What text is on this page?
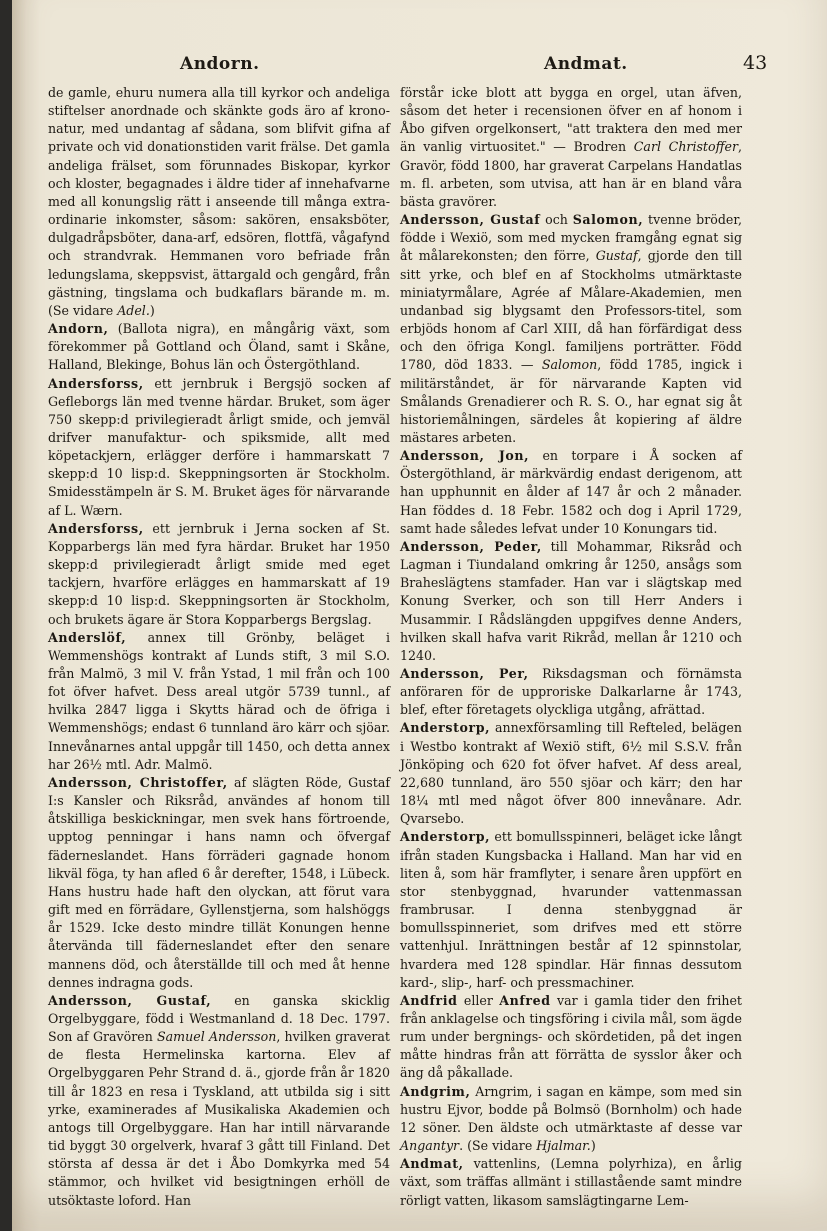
Andorn.	Andmat.	43

de gamle, ehuru numera alla till kyrkor och andeliga stiftelser anordnade och skänkte gods äro af krono-natur, med undantag af sådana, som blifvit gifna af private och vid donationstiden varit frälse. Det gamla andeliga frälset, som förunnades Biskopar, kyrkor och kloster, begagnades i äldre tider af innehafvarne med all konungslig rätt i anseende till många extra-ordinarie inkomster, såsom: sakören, ensaksböter, dulgadråpsböter, dana-arf, edsören, flottfä, vågafynd och strandvrak. Hemmanen voro befriade från ledungslama, skeppsvist, ättargald och gengård, från gästning, tingslama och budkaflars bärande m. m. (Se vidare Adel.)

Andorn, (Ballota nigra), en mångårig växt, som förekommer på Gottland och Öland, samt i Skåne, Halland, Blekinge, Bohus län och Östergöthland.

Andersforss, ett jernbruk i Bergsjö socken af Gefleborgs län med tvenne härdar. Bruket, som äger 750 skepp:d privilegieradt årligt smide, och jemväl drifver manufaktur- och spiksmide, allt med köpetackjern, erlägger derföre i hammarskatt 7 skepp:d 10 lisp:d. Skeppningsorten är Stockholm. Smidesstämpeln är S. M. Bruket äges för närvarande af L. Wærn.

Andersforss, ett jernbruk i Jerna socken af St. Kopparbergs län med fyra härdar. Bruket har 1950 skepp:d privilegieradt årligt smide med eget tackjern, hvarföre erlägges en hammarskatt af 19 skepp:d 10 lisp:d. Skeppningsorten är Stockholm, och brukets ägare är Stora Kopparbergs Bergslag.

Anderslöf, annex till Grönby, beläget i Wemmenshögs kontrakt af Lunds stift, 3 mil S.O. från Malmö, 3 mil V. från Ystad, 1 mil från och 100 fot öfver hafvet. Dess areal utgör 5739 tunnl., af hvilka 2847 ligga i Skytts härad och de öfriga i Wemmenshögs; endast 6 tunnland äro kärr och sjöar. Innevånarnes antal uppgår till 1450, och detta annex har 26½ mtl. Adr. Malmö.

Andersson, Christoffer, af slägten Röde, Gustaf I:s Kansler och Riksråd, användes af honom till åtskilliga beskickningar, men svek hans förtroende, upptog penningar i hans namn och öfvergaf fäderneslandet. Hans förräderi gagnade honom likväl föga, ty han afled 6 år derefter, 1548, i Lübeck. Hans hustru hade haft den olyckan, att förut vara gift med en förrädare, Gyllenstjerna, som halshöggs år 1529. Icke desto mindre tillät Konungen henne återvända till fäderneslandet efter den senare mannens död, och återställde till och med åt henne dennes indragna gods.

Andersson, Gustaf, en ganska skicklig Orgelbyggare, född i Westmanland d. 18 Dec. 1797. Son af Gravören Samuel Andersson, hvilken graverat de flesta Hermelinska kartorna. Elev af Orgelbyggaren Pehr Strand d. ä., gjorde från år 1820 till år 1823 en resa i Tyskland, att utbilda sig i sitt yrke, examinerades af Musikaliska Akademien och antogs till Orgelbyggare. Han har intill närvarande tid byggt 30 orgelverk, hvaraf 3 gått till Finland. Det största af dessa är det i Åbo Domkyrka med 54 stämmor, och hvilket vid besigtningen erhöll de utsöktaste loford. Han

förstår icke blott att bygga en orgel, utan äfven, såsom det heter i recensionen öfver en af honom i Åbo gifven orgelkonsert, "att traktera den med mer än vanlig virtuositet." — Brodren Carl Christoffer, Gravör, född 1800, har graverat Carpelans Handatlas m. fl. arbeten, som utvisa, att han är en bland våra bästa gravörer.

Andersson, Gustaf och Salomon, tvenne bröder, födde i Wexiö, som med mycken framgång egnat sig åt målarekonsten; den förre, Gustaf, gjorde den till sitt yrke, och blef en af Stockholms utmärktaste miniatyrmålare, Agrée af Målare-Akademien, men undanbad sig blygsamt den Professors-titel, som erbjöds honom af Carl XIII, då han förfärdigat dess och den öfriga Kongl. familjens porträtter. Född 1780, död 1833. — Salomon, född 1785, ingick i militärståndet, är för närvarande Kapten vid Smålands Grenadierer och R. S. O., har egnat sig åt historiemålningen, särdeles åt kopiering af äldre mästares arbeten.

Andersson, Jon, en torpare i Å socken af Östergöthland, är märkvärdig endast derigenom, att han upphunnit en ålder af 147 år och 2 månader. Han föddes d. 18 Febr. 1582 och dog i April 1729, samt hade således lefvat under 10 Konungars tid.

Andersson, Peder, till Mohammar, Riksråd och Lagman i Tiundaland omkring år 1250, ansågs som Braheslägtens stamfader. Han var i slägtskap med Konung Sverker, och son till Herr Anders i Musammir. I Rådslängden uppgifves denne Anders, hvilken skall hafva varit Rikråd, mellan år 1210 och 1240.

Andersson, Per, Riksdagsman och förnämsta anföraren för de upproriske Dalkarlarne år 1743, blef, efter företagets olyckliga utgång, afrättad.

Anderstorp, annexförsamling till Refteled, belägen i Westbo kontrakt af Wexiö stift, 6½ mil S.S.V. från Jönköping och 620 fot öfver hafvet. Af dess areal, 22,680 tunnland, äro 550 sjöar och kärr; den har 18¼ mtl med något öfver 800 innevånare. Adr. Qvarsebo.

Anderstorp, ett bomullsspinneri, beläget icke långt ifrån staden Kungsbacka i Halland. Man har vid en liten å, som här framflyter, i senare åren uppfört en stor stenbyggnad, hvarunder vattenmassan frambrusar. I denna stenbyggnad är bomullsspinneriet, som drifves med ett större vattenhjul. Inrättningen består af 12 spinnstolar, hvardera med 128 spindlar. Här finnas dessutom kard-, slip-, harf- och pressmachiner.

Andfrid eller Anfred var i gamla tider den frihet från anklagelse och tingsföring i civila mål, som ägde rum under bergnings- och skördetiden, på det ingen måtte hindras från att förrätta de sysslor åker och äng då påkallade.

Andgrim, Arngrim, i sagan en kämpe, som med sin hustru Ejvor, bodde på Bolmsö (Bornholm) och hade 12 söner. Den äldste och utmärktaste af desse var Angantyr. (Se vidare Hjalmar.)

Andmat, vattenlins, (Lemna polyrhiza), en årlig växt, som träffas allmänt i stillastående samt mindre rörligt vatten, likasom samslägtingarne Lem-
